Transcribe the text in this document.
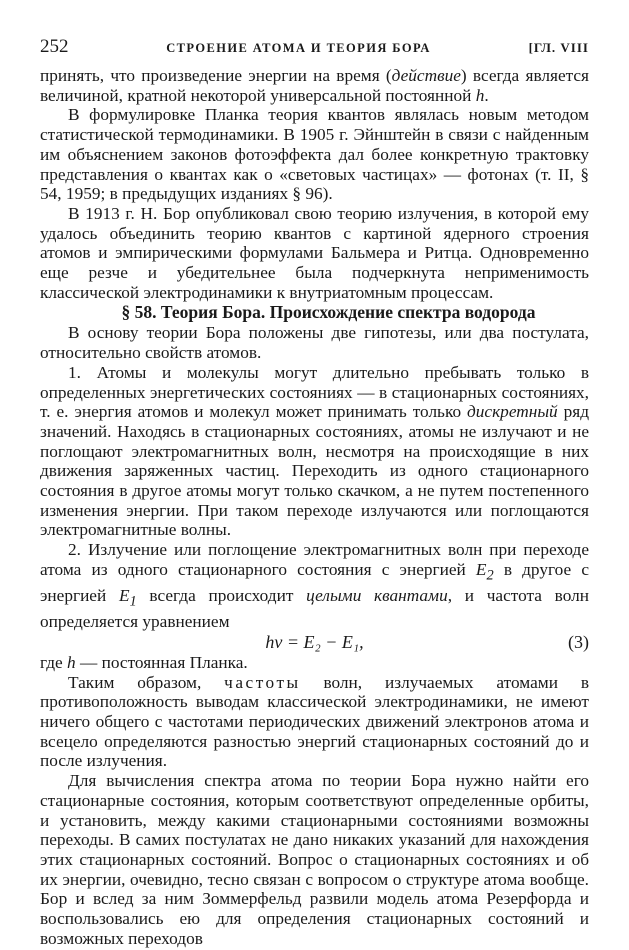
252	СТРОЕНИЕ АТОМА И ТЕОРИЯ БОРА	[ГЛ. VIII

принять, что произведение энергии на время (действие) всегда является величиной, кратной некоторой универсальной постоянной h.

В формулировке Планка теория квантов являлась новым методом статистической термодинамики. В 1905 г. Эйнштейн в связи с найденным им объяснением законов фотоэффекта дал более конкретную трактовку представления о квантах как о «световых частицах» — фотонах (т. II, § 54, 1959; в предыдущих изданиях § 96).

В 1913 г. Н. Бор опубликовал свою теорию излучения, в которой ему удалось объединить теорию квантов с картиной ядерного строения атомов и эмпирическими формулами Бальмера и Ритца. Одновременно еще резче и убедительнее была подчеркнута неприменимость классической электродинамики к внутриатомным процессам.

§ 58. Теория Бора. Происхождение спектра водорода

В основу теории Бора положены две гипотезы, или два постулата, относительно свойств атомов.

1. Атомы и молекулы могут длительно пребывать только в определенных энергетических состояниях — в стационарных состояниях, т. е. энергия атомов и молекул может принимать только дискретный ряд значений. Находясь в стационарных состояниях, атомы не излучают и не поглощают электромагнитных волн, несмотря на происходящие в них движения заряженных частиц. Переходить из одного стационарного состояния в другое атомы могут только скачком, а не путем постепенного изменения энергии. При таком переходе излучаются или поглощаются электромагнитные волны.

2. Излучение или поглощение электромагнитных волн при переходе атома из одного стационарного состояния с энергией $E_2$ в другое с энергией $E_1$ всегда происходит целыми квантами, и частота волн определяется уравнением

hν = E₂ − E₁,	(3)

где h — постоянная Планка.

Таким образом, частоты волн, излучаемых атомами в противоположность выводам классической электродинамики, не имеют ничего общего с частотами периодических движений электронов атома и всецело определяются разностью энергий стационарных состояний до и после излучения.

Для вычисления спектра атома по теории Бора нужно найти его стационарные состояния, которым соответствуют определенные орбиты, и установить, между какими стационарными состояниями возможны переходы. В самих постулатах не дано никаких указаний для нахождения этих стационарных состояний. Вопрос о стационарных состояниях и об их энергии, очевидно, тесно связан с вопросом о структуре атома вообще. Бор и вслед за ним Зоммерфельд развили модель атома Резерфорда и воспользовались ею для определения стационарных состояний и возможных переходов
